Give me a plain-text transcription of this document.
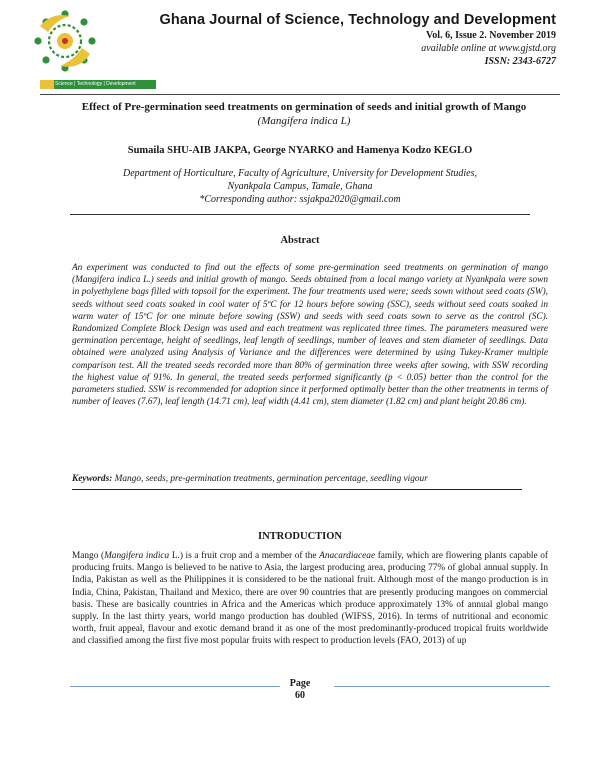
Science | Technology | Development
Ghana Journal of Science, Technology and Development
Vol. 6, Issue 2. November 2019
available online at www.gjstd.org
ISSN: 2343-6727
Effect of Pre-germination seed treatments on germination of seeds and initial growth of Mango
(Mangifera indica L)
Sumaila SHU-AIB JAKPA, George NYARKO and Hamenya Kodzo KEGLO
Department of Horticulture, Faculty of Agriculture, University for Development Studies,
Nyankpala Campus, Tamale, Ghana
*Corresponding author: ssjakpa2020@gmail.com
Abstract
An experiment was conducted to find out the effects of some pre-germination seed treatments on germination of mango (Mangifera indica L.) seeds and initial growth of mango. Seeds obtained from a local mango variety at Nyankpala were sown in polyethylene bags filled with topsoil for the experiment. The four treatments used were; seeds sown without seed coats (SW), seeds without seed coats soaked in cool water of 5ºC for 12 hours before sowing (SSC), seeds without seed coats soaked in warm water of 15ºC for one minute before sowing (SSW) and seeds with seed coats sown to serve as the control (SC). Randomized Complete Block Design was used and each treatment was replicated three times. The parameters measured were germination percentage, height of seedlings, leaf length of seedlings, number of leaves and stem diameter of seedlings. Data obtained were analyzed using Analysis of Variance and the differences were determined by using Tukey-Kramer multiple comparison test. All the treated seeds recorded more than 80% of germination three weeks after sowing, with SSW recording the highest value of 91%. In general, the treated seeds performed significantly (p < 0.05) better than the control for the parameters studied. SSW is recommended for adoption since it performed optimally better than the other treatments in terms of number of leaves (7.67), leaf length (14.71 cm), leaf width (4.41 cm), stem diameter (1.82 cm) and plant height 20.86 cm).
Keywords: Mango, seeds, pre-germination treatments, germination percentage, seedling vigour
INTRODUCTION
Mango (Mangifera indica L.) is a fruit crop and a member of the Anacardiaceae family, which are flowering plants capable of producing fruits. Mango is believed to be native to Asia, the largest producing area, producing 77% of global annual supply. In India, Pakistan as well as the Philippines it is considered to be the national fruit. Although most of the mango production is in India, China, Pakistan, Thailand and Mexico, there are over 90 countries that are presently producing mangoes on commercial basis. These are basically countries in Africa and the Americas which produce approximately 13% of annual global mango supply. In the last thirty years, world mango production has doubled (WIFSS, 2016). In terms of nutritional and economic worth, fruit appeal, flavour and exotic demand brand it as one of the most predominantly-produced tropical fruits worldwide and classified among the first five most popular fruits with respect to production levels (FAO, 2013) of up
Page
60
